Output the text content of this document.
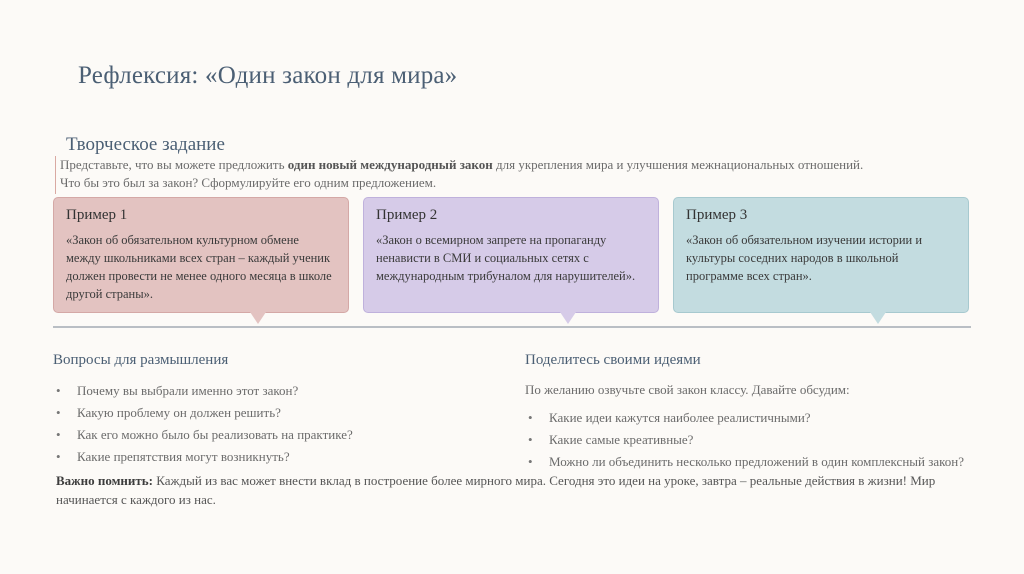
Рефлексия: «Один закон для мира»
Творческое задание
Представьте, что вы можете предложить один новый международный закон для укрепления мира и улучшения межнациональных отношений.
Что бы это был за закон? Сформулируйте его одним предложением.
Пример 1
«Закон об обязательном культурном обмене между школьниками всех стран – каждый ученик должен провести не менее одного месяца в школе другой страны».
Пример 2
«Закон о всемирном запрете на пропаганду ненависти в СМИ и социальных сетях с международным трибуналом для нарушителей».
Пример 3
«Закон об обязательном изучении истории и культуры соседних народов в школьной программе всех стран».
Вопросы для размышления
• Почему вы выбрали именно этот закон?
• Какую проблему он должен решить?
• Как его можно было бы реализовать на практике?
• Какие препятствия могут возникнуть?
Поделитесь своими идеями
По желанию озвучьте свой закон классу. Давайте обсудим:
• Какие идеи кажутся наиболее реалистичными?
• Какие самые креативные?
• Можно ли объединить несколько предложений в один комплексный закон?
Важно помнить: Каждый из вас может внести вклад в построение более мирного мира. Сегодня это идеи на уроке, завтра – реальные действия в жизни! Мир начинается с каждого из нас.
